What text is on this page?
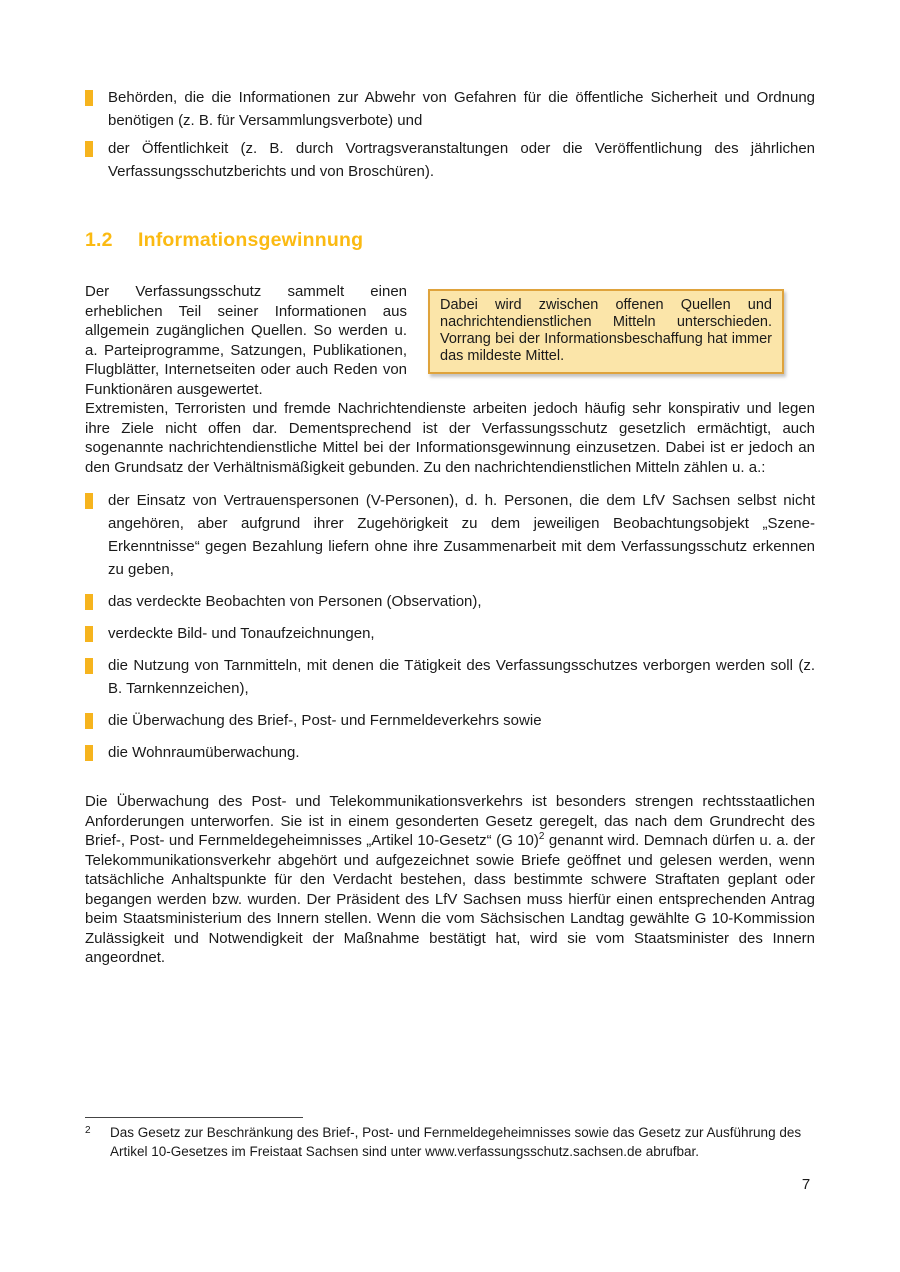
Behörden, die die Informationen zur Abwehr von Gefahren für die öffentliche Sicherheit und Ordnung benötigen (z. B. für Versammlungsverbote) und
der Öffentlichkeit (z. B. durch Vortragsveranstaltungen oder die Veröffentlichung des jährlichen Verfassungsschutzberichts und von Broschüren).
1.2	Informationsgewinnung

Der Verfassungsschutz sammelt einen erheblichen Teil seiner Informationen aus allgemein zugänglichen Quellen. So werden u. a. Parteiprogramme, Satzungen, Publikationen, Flugblätter, Internetseiten oder auch Reden von Funktionären ausgewertet.

Dabei wird zwischen offenen Quellen und nachrichtendienstlichen Mitteln unterschieden. Vorrang bei der Informationsbeschaffung hat immer das mildeste Mittel.

Extremisten, Terroristen und fremde Nachrichtendienste arbeiten jedoch häufig sehr konspirativ und legen ihre Ziele nicht offen dar. Dementsprechend ist der Verfassungsschutz gesetzlich ermächtigt, auch sogenannte nachrichtendienstliche Mittel bei der Informationsgewinnung einzusetzen. Dabei ist er jedoch an den Grundsatz der Verhältnismäßigkeit gebunden. Zu den nachrichtendienstlichen Mitteln zählen u. a.:

der Einsatz von Vertrauenspersonen (V-Personen), d. h. Personen, die dem LfV Sachsen selbst nicht angehören, aber aufgrund ihrer Zugehörigkeit zu dem jeweiligen Beobachtungsobjekt „Szene-Erkenntnisse“ gegen Bezahlung liefern ohne ihre Zusammenarbeit mit dem Verfassungsschutz erkennen zu geben,
das verdeckte Beobachten von Personen (Observation),
verdeckte Bild- und Tonaufzeichnungen,
die Nutzung von Tarnmitteln, mit denen die Tätigkeit des Verfassungsschutzes verborgen werden soll (z. B. Tarnkennzeichen),
die Überwachung des Brief-, Post- und Fernmeldeverkehrs sowie
die Wohnraumüberwachung.

Die Überwachung des Post- und Telekommunikationsverkehrs ist besonders strengen rechtsstaatlichen Anforderungen unterworfen. Sie ist in einem gesonderten Gesetz geregelt, das nach dem Grundrecht des Brief-, Post- und Fernmeldegeheimnisses „Artikel 10-Gesetz“ (G 10)$^2$ genannt wird. Demnach dürfen u. a. der Telekommunikationsverkehr abgehört und aufgezeichnet sowie Briefe geöffnet und gelesen werden, wenn tatsächliche Anhaltspunkte für den Verdacht bestehen, dass bestimmte schwere Straftaten geplant oder begangen werden bzw. wurden. Der Präsident des LfV Sachsen muss hierfür einen entsprechenden Antrag beim Staatsministerium des Innern stellen. Wenn die vom Sächsischen Landtag gewählte G 10-Kommission Zulässigkeit und Notwendigkeit der Maßnahme bestätigt hat, wird sie vom Staatsminister des Innern angeordnet.

2	Das Gesetz zur Beschränkung des Brief-, Post- und Fernmeldegeheimnisses sowie das Gesetz zur Ausführung des Artikel 10-Gesetzes im Freistaat Sachsen sind unter www.verfassungsschutz.sachsen.de abrufbar.
7
